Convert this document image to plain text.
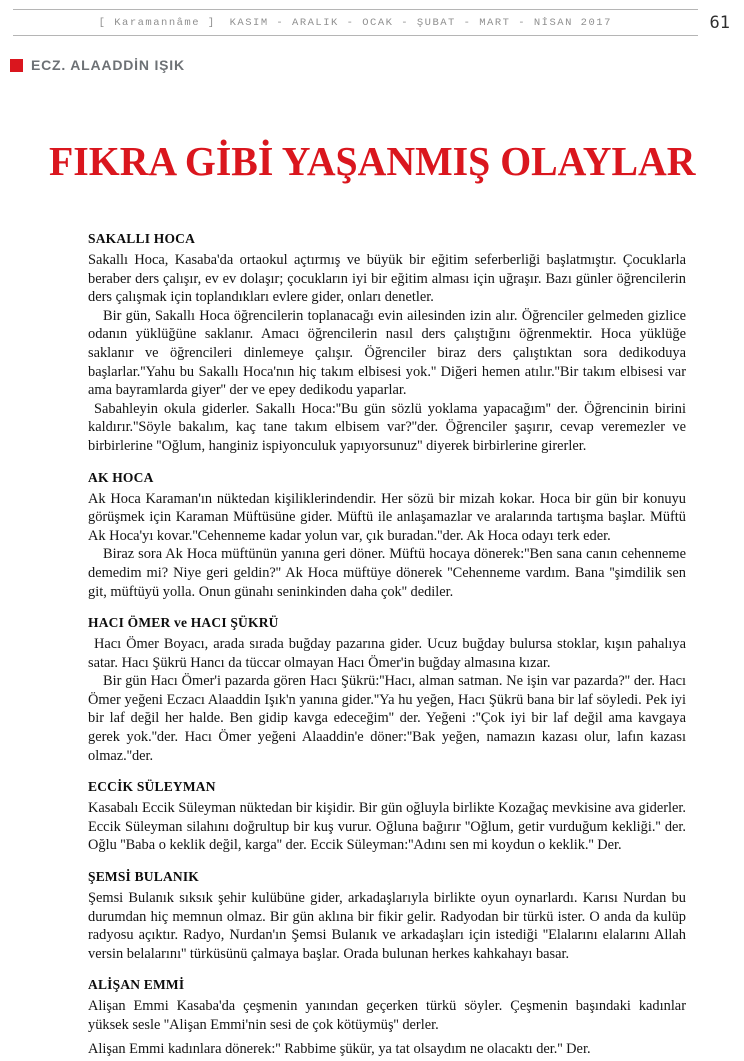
[ Karamannâme ] KASIM - ARALIK - OCAK - ŞUBAT - MART - NİSAN 2017	61
ECZ. ALAADDİN IŞIK
FIKRA GİBİ YAŞANMIŞ OLAYLAR
SAKALLI HOCA

Sakallı Hoca, Kasaba'da ortaokul açtırmış ve büyük bir eğitim seferberliği başlatmıştır. Çocuklarla beraber ders çalışır, ev ev dolaşır; çocukların iyi bir eğitim alması için uğraşır. Bazı günler öğrencilerin ders çalışmak için toplandıkları evlere gider, onları denetler.

Bir gün, Sakallı Hoca öğrencilerin toplanacağı evin ailesinden izin alır. Öğrenciler gelmeden gizlice odanın yüklüğüne saklanır. Amacı öğrencilerin nasıl ders çalıştığını öğrenmektir. Hoca yüklüğe saklanır ve öğrencileri dinlemeye çalışır. Öğrenciler biraz ders çalıştıktan sora dedikoduya başlarlar.''Yahu bu Sakallı Hoca'nın hiç takım elbisesi yok.'' Diğeri hemen atılır.''Bir takım elbisesi var ama bayramlarda giyer'' der ve epey dedikodu yaparlar.

Sabahleyin okula giderler. Sakallı Hoca:''Bu gün sözlü yoklama yapacağım'' der. Öğrencinin birini kaldırır.''Söyle bakalım, kaç tane takım elbisem var?''der. Öğrenciler şaşırır, cevap veremezler ve birbirlerine ''Oğlum, hanginiz ispiyonculuk yapıyorsunuz'' diyerek birbirlerine girerler.

AK HOCA

Ak Hoca Karaman'ın nüktedan kişiliklerindendir. Her sözü bir mizah kokar. Hoca bir gün bir konuyu görüşmek için Karaman Müftüsüne gider. Müftü ile anlaşamazlar ve aralarında tartışma başlar. Müftü Ak Hoca'yı kovar.''Cehenneme kadar yolun var, çık buradan.''der. Ak Hoca odayı terk eder.

Biraz sora Ak Hoca müftünün yanına geri döner. Müftü hocaya dönerek:''Ben sana canın cehenneme demedim mi? Niye geri geldin?'' Ak Hoca müftüye dönerek ''Cehenneme vardım. Bana ''şimdilik sen git, müftüyü yolla. Onun günahı seninkinden daha çok'' dediler.

HACI ÖMER ve HACI ŞÜKRÜ

Hacı Ömer Boyacı, arada sırada buğday pazarına gider. Ucuz buğday bulursa stoklar, kışın pahalıya satar. Hacı Şükrü Hancı da tüccar olmayan Hacı Ömer'in buğday almasına kızar.

Bir gün Hacı Ömer'i pazarda gören Hacı Şükrü:''Hacı, alman satman. Ne işin var pazarda?'' der. Hacı Ömer yeğeni Eczacı Alaaddin Işık'n yanına gider.''Ya hu yeğen, Hacı Şükrü bana bir laf söyledi. Pek iyi bir laf değil her halde. Ben gidip kavga edeceğim'' der. Yeğeni :''Çok iyi bir laf değil ama kavgaya gerek yok.''der. Hacı Ömer yeğeni Alaaddin'e döner:''Bak yeğen, namazın kazası olur, lafın kazası olmaz.''der.

ECCİK SÜLEYMAN

Kasabalı Eccik Süleyman nüktedan bir kişidir. Bir gün oğluyla birlikte Kozağaç mevkisine ava giderler. Eccik Süleyman silahını doğrultup bir kuş vurur. Oğluna bağırır ''Oğlum, getir vurduğum kekliği.'' der. Oğlu ''Baba o keklik değil, karga'' der. Eccik Süleyman:''Adını sen mi koydun o keklik.'' Der.

ŞEMSİ BULANIK

Şemsi Bulanık sıksık şehir kulübüne gider, arkadaşlarıyla birlikte oyun oynarlardı. Karısı Nurdan bu durumdan hiç memnun olmaz. Bir gün aklına bir fikir gelir. Radyodan bir türkü ister. O anda da kulüp radyosu açıktır. Radyo, Nurdan'ın Şemsi Bulanık ve arkadaşları için istediği ''Elalarını elalarını Allah versin belalarını'' türküsünü çalmaya başlar. Orada bulunan herkes kahkahayı basar.

ALİŞAN EMMİ

Alişan Emmi Kasaba'da çeşmenin yanından geçerken türkü söyler. Çeşmenin başındaki kadınlar yüksek sesle ''Alişan Emmi'nin sesi de çok kötüymüş'' derler.

Alişan Emmi kadınlara dönerek:'' Rabbime şükür, ya tat olsaydım ne olacaktı der.'' Der.
